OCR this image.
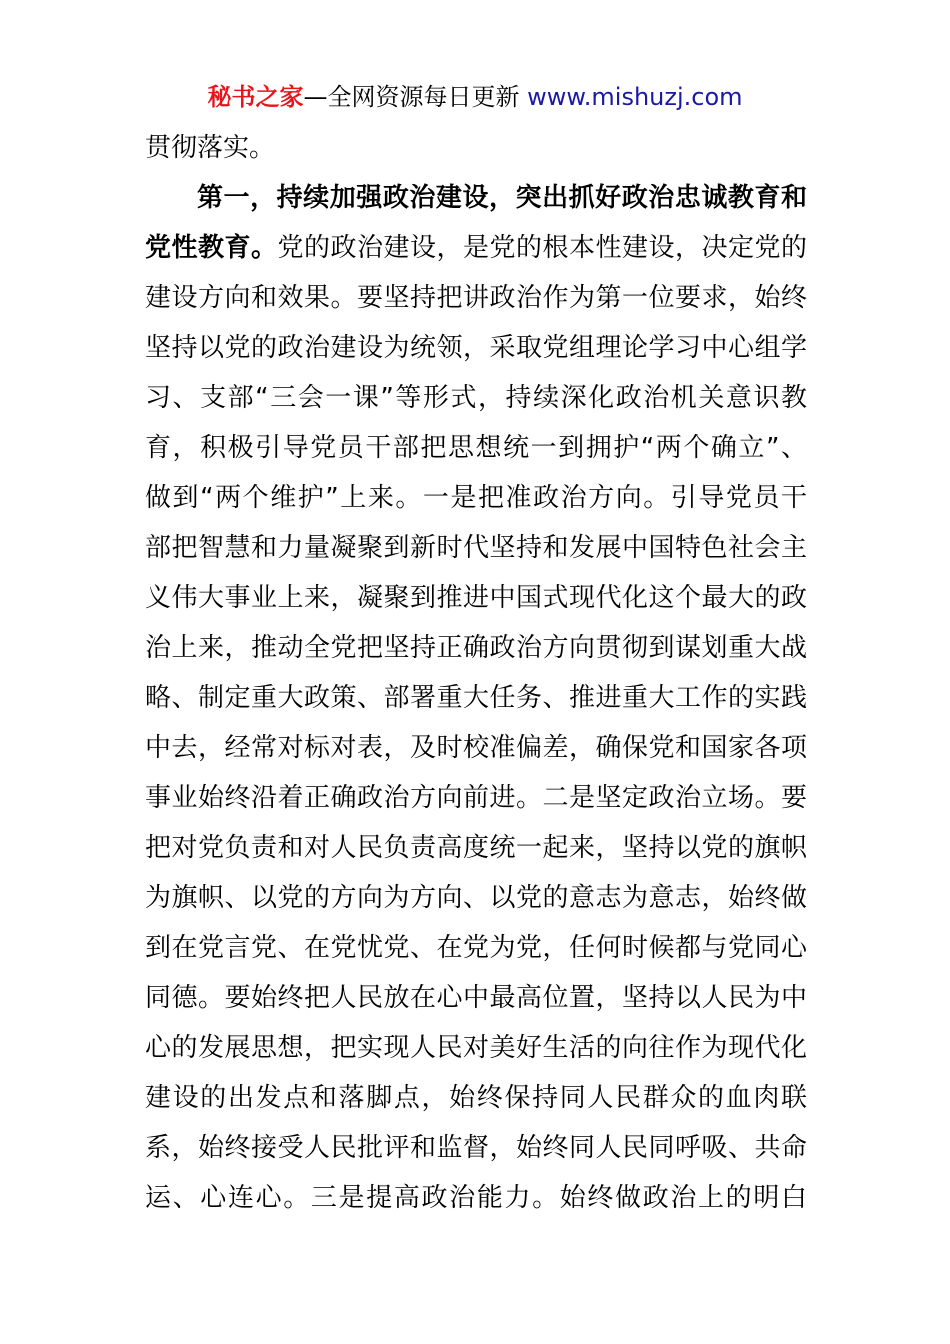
秘书之家—全网资源每日更新 www.mishuzj.com
贯彻落实。
第一，持续加强政治建设，突出抓好政治忠诚教育和
党性教育。党的政治建设，是党的根本性建设，决定党的
建设方向和效果。要坚持把讲政治作为第一位要求，始终
坚持以党的政治建设为统领，采取党组理论学习中心组学
习、支部“三会一课”等形式，持续深化政治机关意识教
育，积极引导党员干部把思想统一到拥护“两个确立”、
做到“两个维护”上来。一是把准政治方向。引导党员干
部把智慧和力量凝聚到新时代坚持和发展中国特色社会主
义伟大事业上来，凝聚到推进中国式现代化这个最大的政
治上来，推动全党把坚持正确政治方向贯彻到谋划重大战
略、制定重大政策、部署重大任务、推进重大工作的实践
中去，经常对标对表，及时校准偏差，确保党和国家各项
事业始终沿着正确政治方向前进。二是坚定政治立场。要
把对党负责和对人民负责高度统一起来，坚持以党的旗帜
为旗帜、以党的方向为方向、以党的意志为意志，始终做
到在党言党、在党忧党、在党为党，任何时候都与党同心
同德。要始终把人民放在心中最高位置，坚持以人民为中
心的发展思想，把实现人民对美好生活的向往作为现代化
建设的出发点和落脚点，始终保持同人民群众的血肉联
系，始终接受人民批评和监督，始终同人民同呼吸、共命
运、心连心。三是提高政治能力。始终做政治上的明白
